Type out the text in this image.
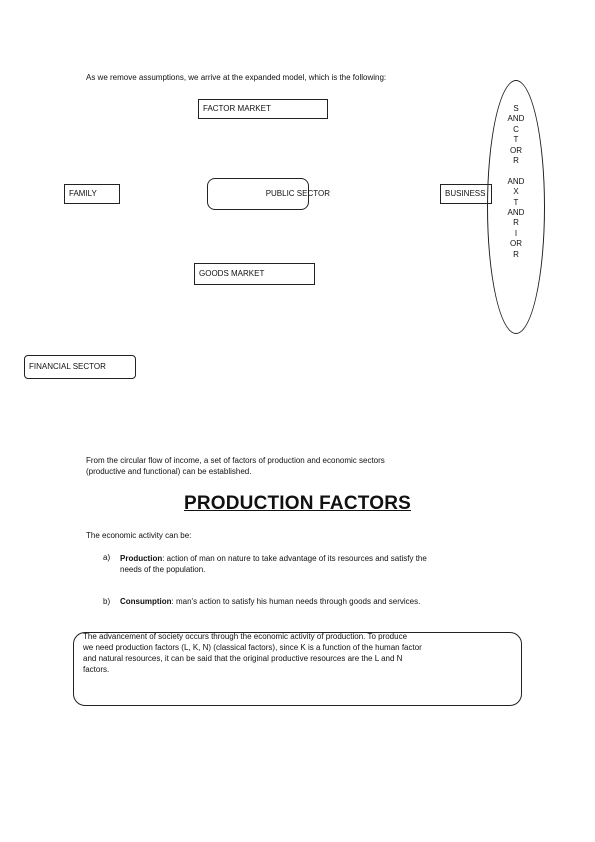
As we remove assumptions, we arrive at the expanded model, which is the following:
FACTOR MARKET
FAMILY	PUBLIC SECTOR	BUSINESS
GOODS MARKET
FINANCIAL SECTOR
S
AND
C
T
OR
R

AND
X
T
AND
R
I
OR
R
From the circular flow of income, a set of factors of production and economic sectors
(productive and functional) can be established.
PRODUCTION FACTORS
The economic activity can be:
a) Production: action of man on nature to take advantage of its resources and satisfy the
needs of the population.
b) Consumption: man's action to satisfy his human needs through goods and services.
The advancement of society occurs through the economic activity of production. To produce
we need production factors (L, K, N) (classical factors), since K is a function of the human factor
and natural resources, it can be said that the original productive resources are the L and N
factors.
